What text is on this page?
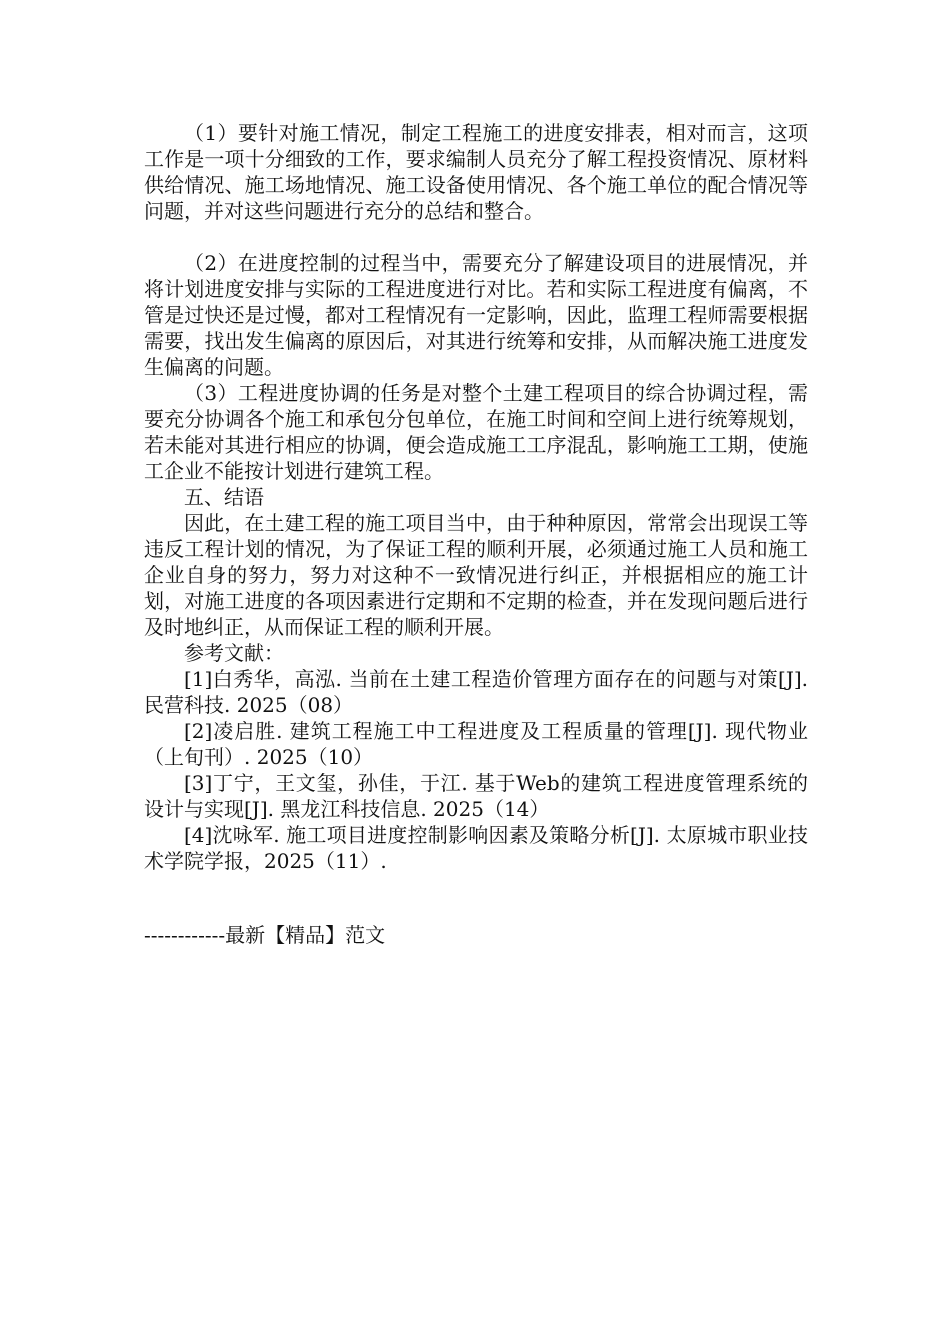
（1）要针对施工情况，制定工程施工的进度安排表，相对而言，这项工作是一项十分细致的工作，要求编制人员充分了解工程投资情况、原材料供给情况、施工场地情况、施工设备使用情况、各个施工单位的配合情况等问题，并对这些问题进行充分的总结和整合。

（2）在进度控制的过程当中，需要充分了解建设项目的进展情况，并将计划进度安排与实际的工程进度进行对比。若和实际工程进度有偏离，不管是过快还是过慢，都对工程情况有一定影响，因此，监理工程师需要根据需要，找出发生偏离的原因后，对其进行统筹和安排，从而解决施工进度发生偏离的问题。

（3）工程进度协调的任务是对整个土建工程项目的综合协调过程，需要充分协调各个施工和承包分包单位，在施工时间和空间上进行统筹规划，若未能对其进行相应的协调，便会造成施工工序混乱，影响施工工期，使施工企业不能按计划进行建筑工程。

五、结语

因此，在土建工程的施工项目当中，由于种种原因，常常会出现误工等违反工程计划的情况，为了保证工程的顺利开展，必须通过施工人员和施工企业自身的努力，努力对这种不一致情况进行纠正，并根据相应的施工计划，对施工进度的各项因素进行定期和不定期的检查，并在发现问题后进行及时地纠正，从而保证工程的顺利开展。

参考文献：

[1]白秀华，高泓. 当前在土建工程造价管理方面存在的问题与对策[J]. 民营科技. 2025（08）

[2]凌启胜. 建筑工程施工中工程进度及工程质量的管理[J]. 现代物业（上旬刊）. 2025（10）

[3]丁宁，王文玺，孙佳，于江. 基于Web的建筑工程进度管理系统的设计与实现[J]. 黑龙江科技信息. 2025（14）

[4]沈咏军. 施工项目进度控制影响因素及策略分析[J]. 太原城市职业技术学院学报，2025（11）.

------------最新【精品】范文
